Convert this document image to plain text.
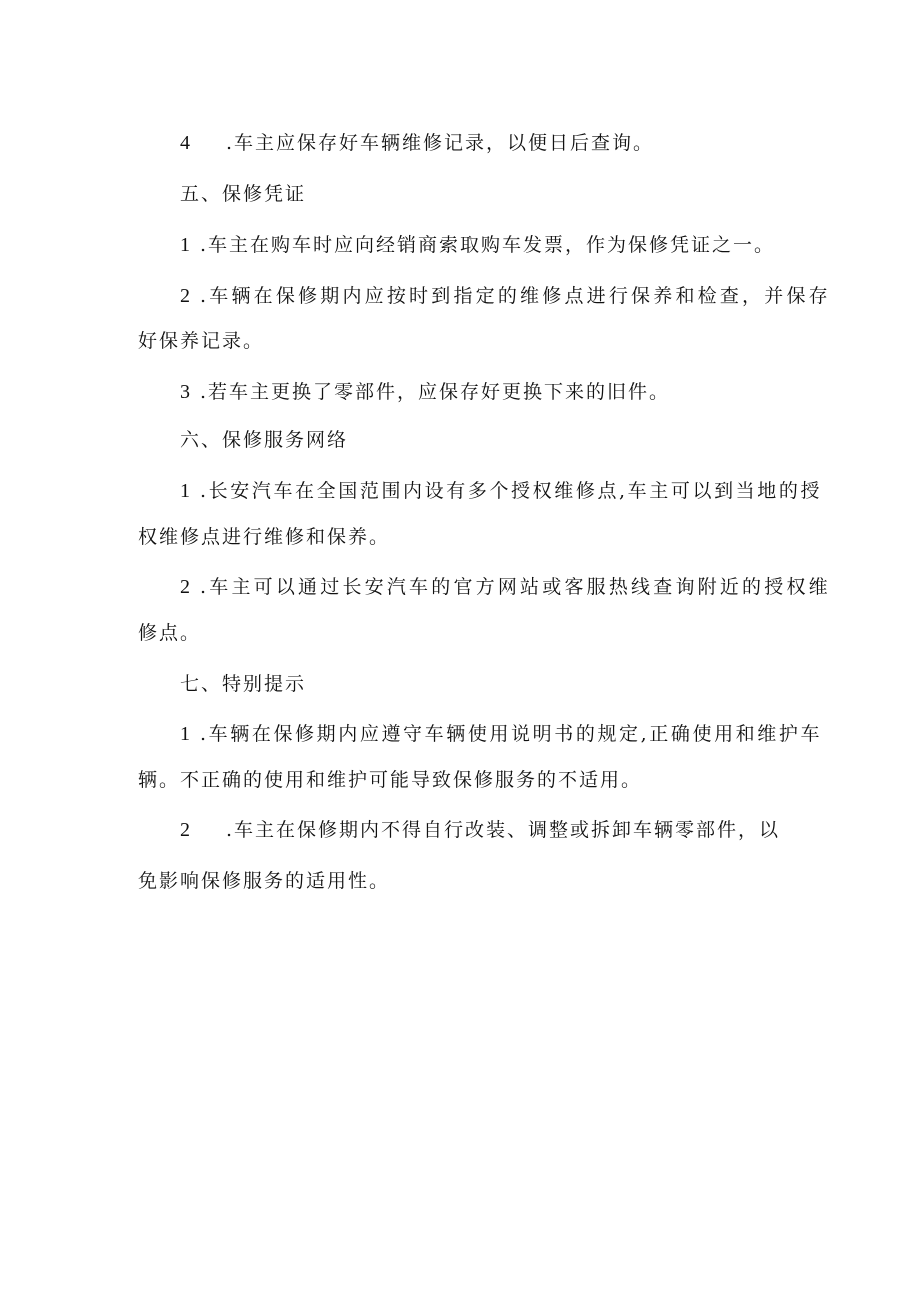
4 .车主应保存好车辆维修记录，以便日后查询。
五、保修凭证
1 .车主在购车时应向经销商索取购车发票，作为保修凭证之一。
2 .车辆在保修期内应按时到指定的维修点进行保养和检查，并保存
好保养记录。
3 .若车主更换了零部件，应保存好更换下来的旧件。
六、保修服务网络
1 .长安汽车在全国范围内设有多个授权维修点,车主可以到当地的授
权维修点进行维修和保养。
2 .车主可以通过长安汽车的官方网站或客服热线查询附近的授权维
修点。
七、特别提示
1 .车辆在保修期内应遵守车辆使用说明书的规定,正确使用和维护车
辆。不正确的使用和维护可能导致保修服务的不适用。
2 .车主在保修期内不得自行改装、调整或拆卸车辆零部件，以
免影响保修服务的适用性。
